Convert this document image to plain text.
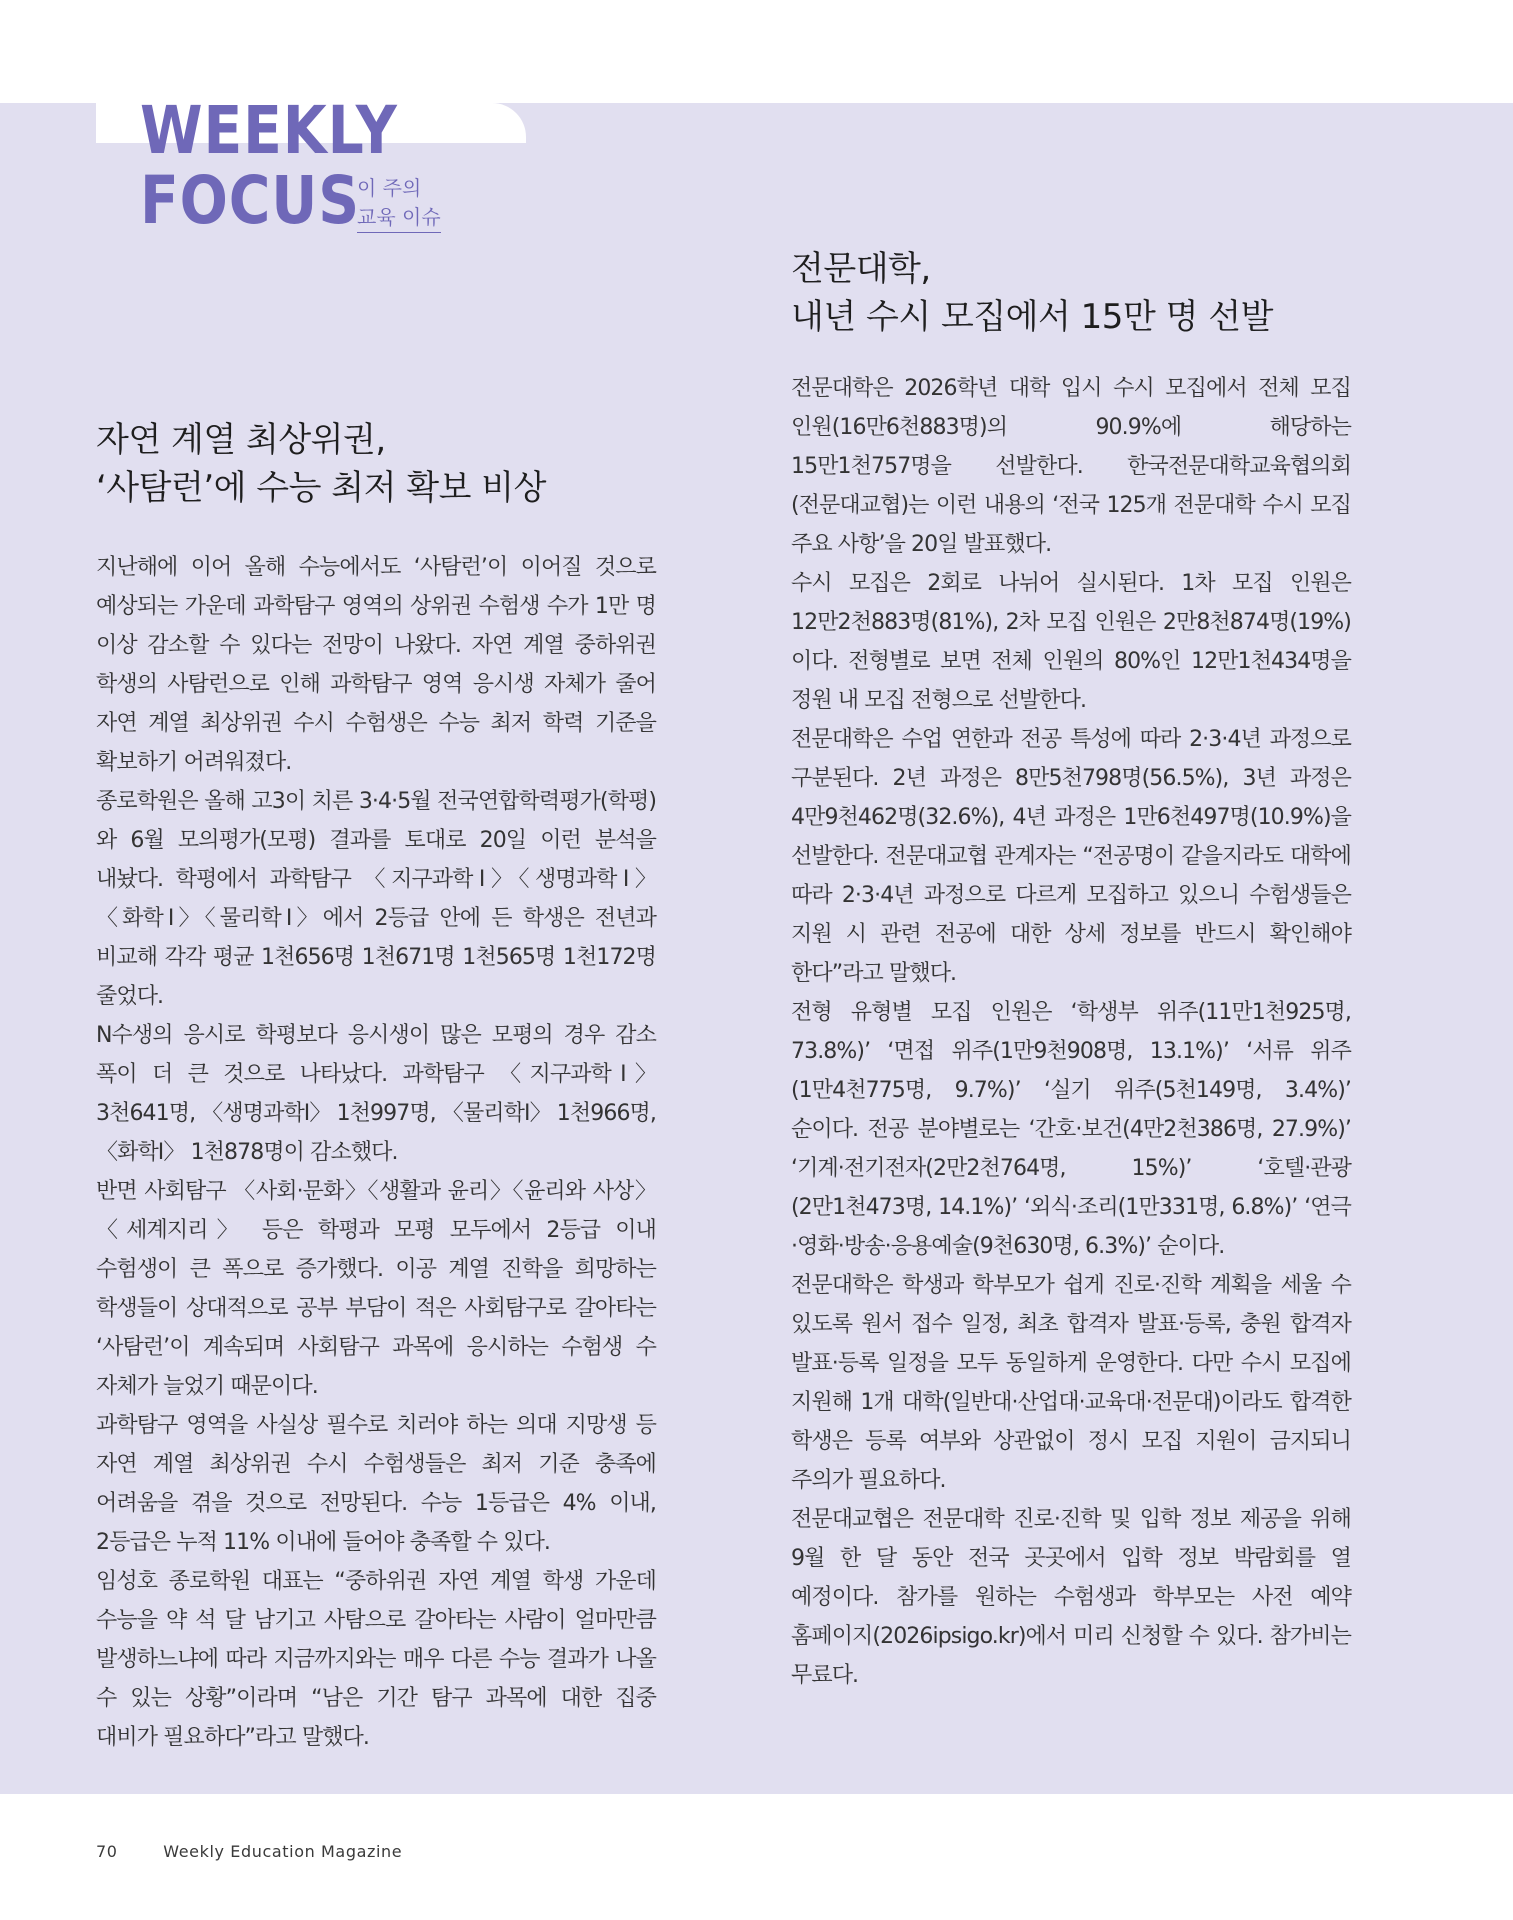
WEEKLY
FOCUS
이 주의
교육 이슈
자연 계열 최상위권,
‘사탐런’에 수능 최저 확보 비상

지난해에 이어 올해 수능에서도 ‘사탐런’이 이어질 것으로 예상되는 가운데 과학탐구 영역의 상위권 수험생 수가 1만 명 이상 감소할 수 있다는 전망이 나왔다. 자연 계열 중하위권 학생의 사탐런으로 인해 과학탐구 영역 응시생 자체가 줄어 자연 계열 최상위권 수시 수험생은 수능 최저 학력 기준을 확보하기 어려워졌다.

종로학원은 올해 고3이 치른 3·4·5월 전국연합학력평가(학평)와 6월 모의평가(모평) 결과를 토대로 20일 이런 분석을 내놨다. 학평에서 과학탐구 〈지구과학Ⅰ〉〈생명과학Ⅰ〉〈화학Ⅰ〉〈물리학Ⅰ〉에서 2등급 안에 든 학생은 전년과 비교해 각각 평균 1천656명 1천671명 1천565명 1천172명 줄었다.

N수생의 응시로 학평보다 응시생이 많은 모평의 경우 감소 폭이 더 큰 것으로 나타났다. 과학탐구 〈지구과학Ⅰ〉 3천641명, 〈생명과학Ⅰ〉 1천997명, 〈물리학Ⅰ〉 1천966명, 〈화학Ⅰ〉 1천878명이 감소했다.

반면 사회탐구 〈사회·문화〉〈생활과 윤리〉〈윤리와 사상〉〈세계지리〉 등은 학평과 모평 모두에서 2등급 이내 수험생이 큰 폭으로 증가했다. 이공 계열 진학을 희망하는 학생들이 상대적으로 공부 부담이 적은 사회탐구로 갈아타는 ‘사탐런’이 계속되며 사회탐구 과목에 응시하는 수험생 수 자체가 늘었기 때문이다.

과학탐구 영역을 사실상 필수로 치러야 하는 의대 지망생 등 자연 계열 최상위권 수시 수험생들은 최저 기준 충족에 어려움을 겪을 것으로 전망된다. 수능 1등급은 4% 이내, 2등급은 누적 11% 이내에 들어야 충족할 수 있다.

임성호 종로학원 대표는 “중하위권 자연 계열 학생 가운데 수능을 약 석 달 남기고 사탐으로 갈아타는 사람이 얼마만큼 발생하느냐에 따라 지금까지와는 매우 다른 수능 결과가 나올 수 있는 상황”이라며 “남은 기간 탐구 과목에 대한 집중 대비가 필요하다”라고 말했다.

전문대학,
내년 수시 모집에서 15만 명 선발

전문대학은 2026학년 대학 입시 수시 모집에서 전체 모집 인원(16만6천883명)의 90.9%에 해당하는 15만1천757명을 선발한다. 한국전문대학교육협의회(전문대교협)는 이런 내용의 ‘전국 125개 전문대학 수시 모집 주요 사항’을 20일 발표했다.

수시 모집은 2회로 나뉘어 실시된다. 1차 모집 인원은 12만2천883명(81%), 2차 모집 인원은 2만8천874명(19%)이다. 전형별로 보면 전체 인원의 80%인 12만1천434명을 정원 내 모집 전형으로 선발한다.

전문대학은 수업 연한과 전공 특성에 따라 2·3·4년 과정으로 구분된다. 2년 과정은 8만5천798명(56.5%), 3년 과정은 4만9천462명(32.6%), 4년 과정은 1만6천497명(10.9%)을 선발한다. 전문대교협 관계자는 “전공명이 같을지라도 대학에 따라 2·3·4년 과정으로 다르게 모집하고 있으니 수험생들은 지원 시 관련 전공에 대한 상세 정보를 반드시 확인해야 한다”라고 말했다.

전형 유형별 모집 인원은 ‘학생부 위주(11만1천925명, 73.8%)’ ‘면접 위주(1만9천908명, 13.1%)’ ‘서류 위주(1만4천775명, 9.7%)’ ‘실기 위주(5천149명, 3.4%)’ 순이다. 전공 분야별로는 ‘간호·보건(4만2천386명, 27.9%)’ ‘기계·전기전자(2만2천764명, 15%)’ ‘호텔·관광(2만1천473명, 14.1%)’ ‘외식·조리(1만331명, 6.8%)’ ‘연극·영화·방송·응용예술(9천630명, 6.3%)’ 순이다.

전문대학은 학생과 학부모가 쉽게 진로·진학 계획을 세울 수 있도록 원서 접수 일정, 최초 합격자 발표·등록, 충원 합격자 발표·등록 일정을 모두 동일하게 운영한다. 다만 수시 모집에 지원해 1개 대학(일반대·산업대·교육대·전문대)이라도 합격한 학생은 등록 여부와 상관없이 정시 모집 지원이 금지되니 주의가 필요하다.

전문대교협은 전문대학 진로·진학 및 입학 정보 제공을 위해 9월 한 달 동안 전국 곳곳에서 입학 정보 박람회를 열 예정이다. 참가를 원하는 수험생과 학부모는 사전 예약 홈페이지(2026ipsigo.kr)에서 미리 신청할 수 있다. 참가비는 무료다.

70	Weekly Education Magazine
